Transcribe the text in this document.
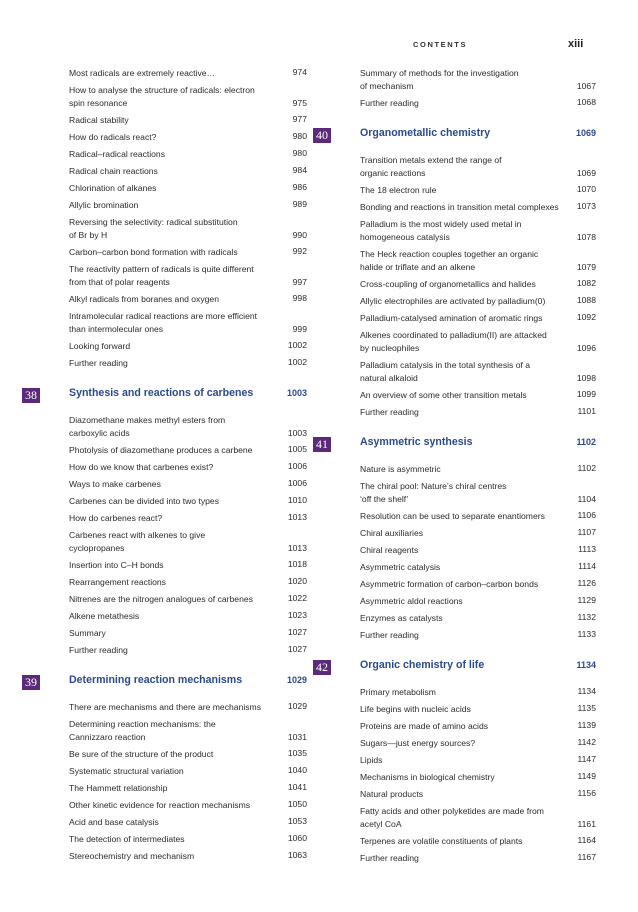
CONTENTS	xiii
Most radicals are extremely reactive…	974
How to analyse the structure of radicals: electron
spin resonance	975
Radical stability	977
How do radicals react?	980
Radical–radical reactions	980
Radical chain reactions	984
Chlorination of alkanes	986
Allylic bromination	989
Reversing the selectivity: radical substitution
of Br by H	990
Carbon–carbon bond formation with radicals	992
The reactivity pattern of radicals is quite different
from that of polar reagents	997
Alkyl radicals from boranes and oxygen	998
Intramolecular radical reactions are more efficient
than intermolecular ones	999
Looking forward	1002
Further reading	1002
38	Synthesis and reactions of carbenes	1003
Diazomethane makes methyl esters from
carboxylic acids	1003
Photolysis of diazomethane produces a carbene	1005
How do we know that carbenes exist?	1006
Ways to make carbenes	1006
Carbenes can be divided into two types	1010
How do carbenes react?	1013
Carbenes react with alkenes to give
cyclopropanes	1013
Insertion into C–H bonds	1018
Rearrangement reactions	1020
Nitrenes are the nitrogen analogues of carbenes	1022
Alkene metathesis	1023
Summary	1027
Further reading	1027
39	Determining reaction mechanisms	1029
There are mechanisms and there are mechanisms	1029
Determining reaction mechanisms: the
Cannizzaro reaction	1031
Be sure of the structure of the product	1035
Systematic structural variation	1040
The Hammett relationship	1041
Other kinetic evidence for reaction mechanisms	1050
Acid and base catalysis	1053
The detection of intermediates	1060
Stereochemistry and mechanism	1063
Summary of methods for the investigation
of mechanism	1067
Further reading	1068
40	Organometallic chemistry	1069
Transition metals extend the range of
organic reactions	1069
The 18 electron rule	1070
Bonding and reactions in transition metal complexes 1073
Palladium is the most widely used metal in
homogeneous catalysis	1078
The Heck reaction couples together an organic
halide or triflate and an alkene	1079
Cross-coupling of organometallics and halides	1082
Allylic electrophiles are activated by palladium(0)	1088
Palladium-catalysed amination of aromatic rings	1092
Alkenes coordinated to palladium(II) are attacked
by nucleophiles	1096
Palladium catalysis in the total synthesis of a
natural alkaloid	1098
An overview of some other transition metals	1099
Further reading	1101
41	Asymmetric synthesis	1102
Nature is asymmetric	1102
The chiral pool: Nature’s chiral centres
‘off the shelf’	1104
Resolution can be used to separate enantiomers	1106
Chiral auxiliaries	1107
Chiral reagents	1113
Asymmetric catalysis	1114
Asymmetric formation of carbon–carbon bonds	1126
Asymmetric aldol reactions	1129
Enzymes as catalysts	1132
Further reading	1133
42	Organic chemistry of life	1134
Primary metabolism	1134
Life begins with nucleic acids	1135
Proteins are made of amino acids	1139
Sugars—just energy sources?	1142
Lipids	1147
Mechanisms in biological chemistry	1149
Natural products	1156
Fatty acids and other polyketides are made from
acetyl CoA	1161
Terpenes are volatile constituents of plants	1164
Further reading	1167
